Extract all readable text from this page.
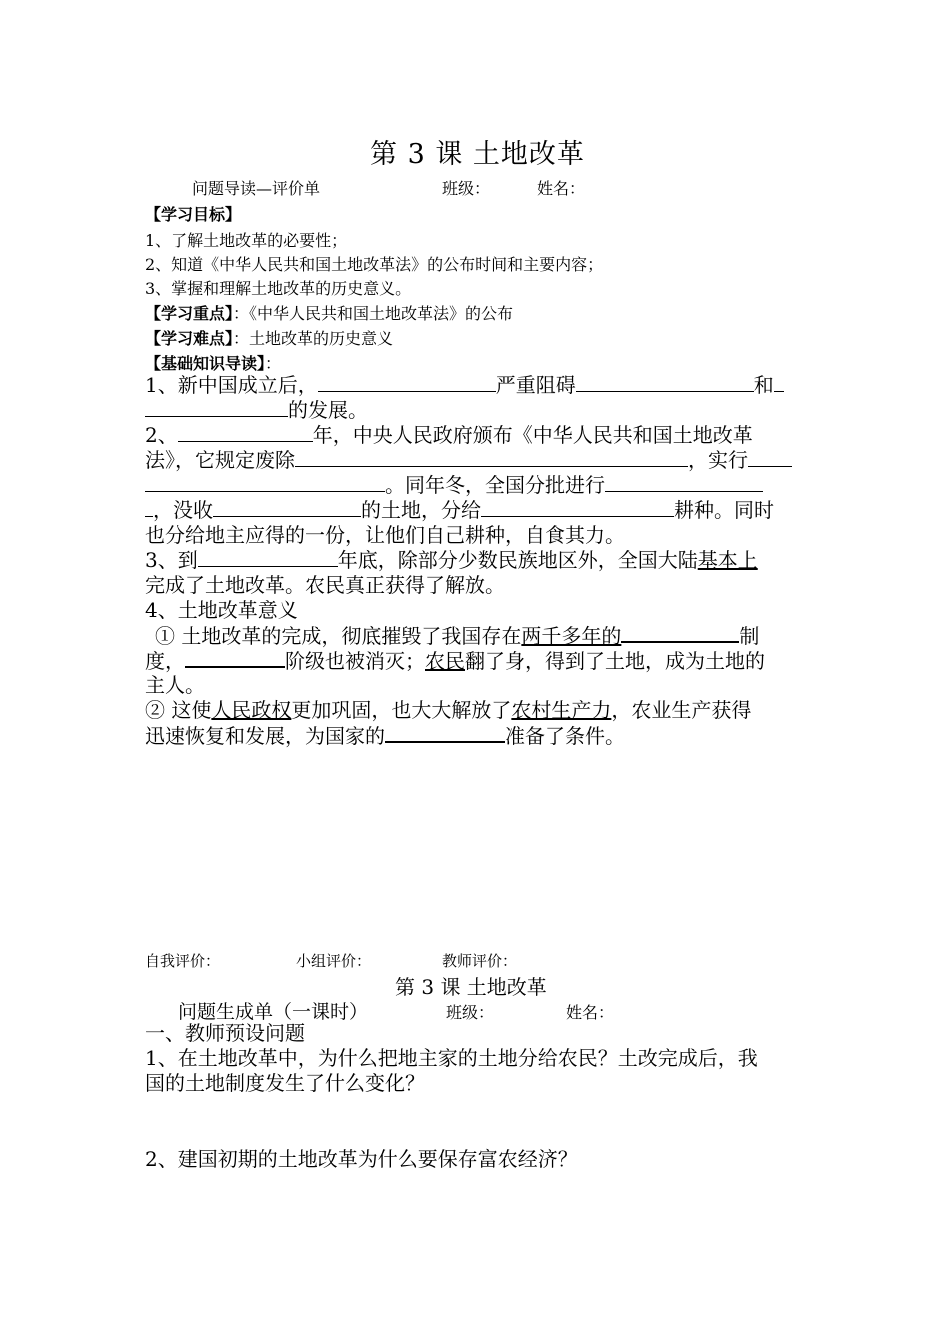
第 3 课 土地改革
问题导读—评价单	班级：	姓名：
【学习目标】
1、了解土地改革的必要性；
2、知道《中华人民共和国土地改革法》的公布时间和主要内容；
3、掌握和理解土地改革的历史意义。
【学习重点】：《中华人民共和国土地改革法》的公布
【学习难点】：土地改革的历史意义
【基础知识导读】：
1、新中国成立后，	严重阻碍	和
的发展。
2、	年，中央人民政府颁布《中华人民共和国土地改革
法》，它规定废除	，实行
。同年冬，全国分批进行
，没收	的土地，分给	耕种。同时
也分给地主应得的一份，让他们自己耕种，自食其力。
3、到	年底，除部分少数民族地区外，全国大陆基本上
完成了土地改革。农民真正获得了解放。
4、土地改革意义
① 土地改革的完成，彻底摧毁了我国存在两千多年的	制
度，	阶级也被消灭；农民翻了身，得到了土地，成为土地的
主人。
② 这使人民政权更加巩固，也大大解放了农村生产力，农业生产获得
迅速恢复和发展，为国家的	准备了条件。
自我评价：	小组评价：	教师评价：
第 3 课 土地改革
问题生成单（一课时）	班级：	姓名：
一、教师预设问题
1、在土地改革中，为什么把地主家的土地分给农民？土改完成后，我
国的土地制度发生了什么变化？
2、建国初期的土地改革为什么要保存富农经济？
